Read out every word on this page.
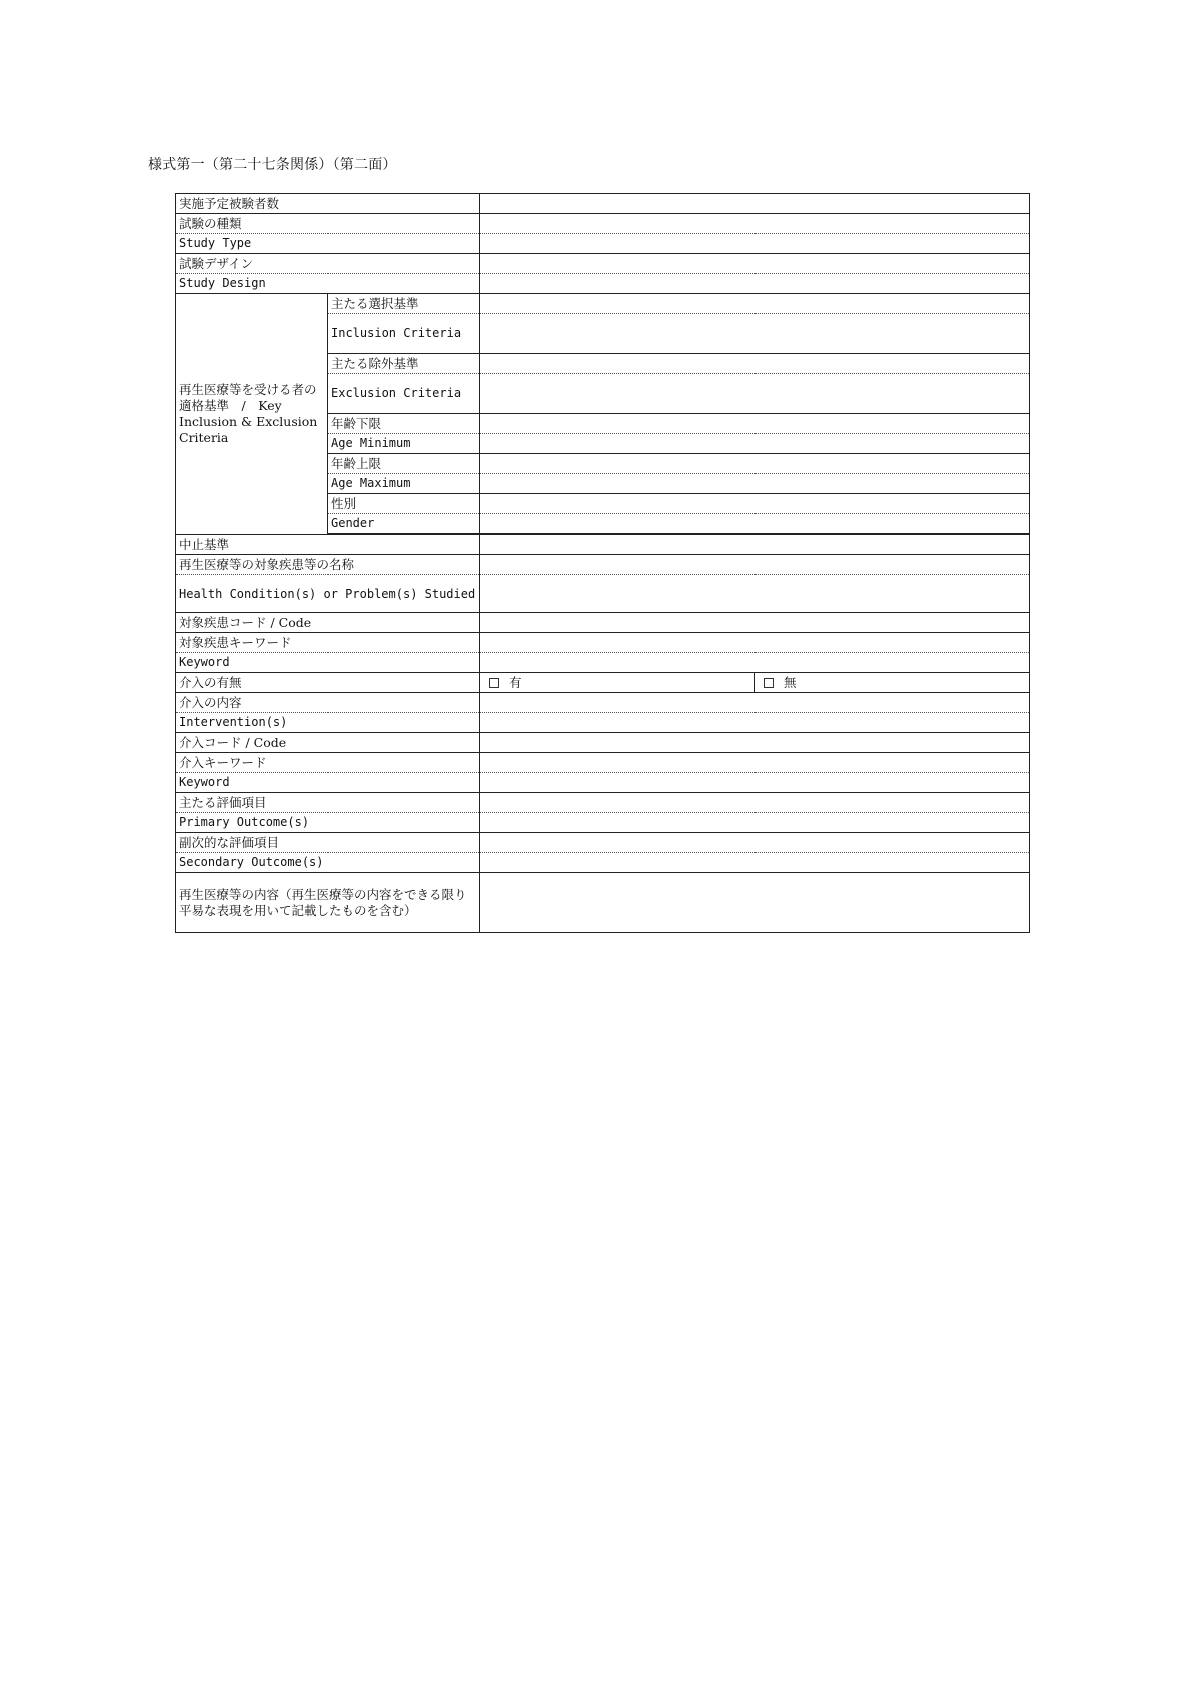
様式第一（第二十七条関係）（第二面）
実施予定被験者数			
試験の種類			
Study Type			
試験デザイン			
Study Design			
再生医療等を受ける者の適格基準　/　Key Inclusion & Exclusion Criteria	主たる選択基準		
	Inclusion Criteria		
	主たる除外基準		
	Exclusion Criteria		
	年齢下限		
	Age Minimum		
	年齢上限		
	Age Maximum		
	性別		
	Gender		
中止基準			
再生医療等の対象疾患等の名称			
Health Condition(s) or Problem(s) Studied			
対象疾患コード / Code			
対象疾患キーワード			
Keyword			
介入の有無		有	無

介入の内容			
Intervention(s)			
介入コード / Code			
介入キーワード			
Keyword			
主たる評価項目			
Primary Outcome(s)			
副次的な評価項目			
Secondary Outcome(s)			
再生医療等の内容（再生医療等の内容をできる限り平易な表現を用いて記載したものを含む）			
